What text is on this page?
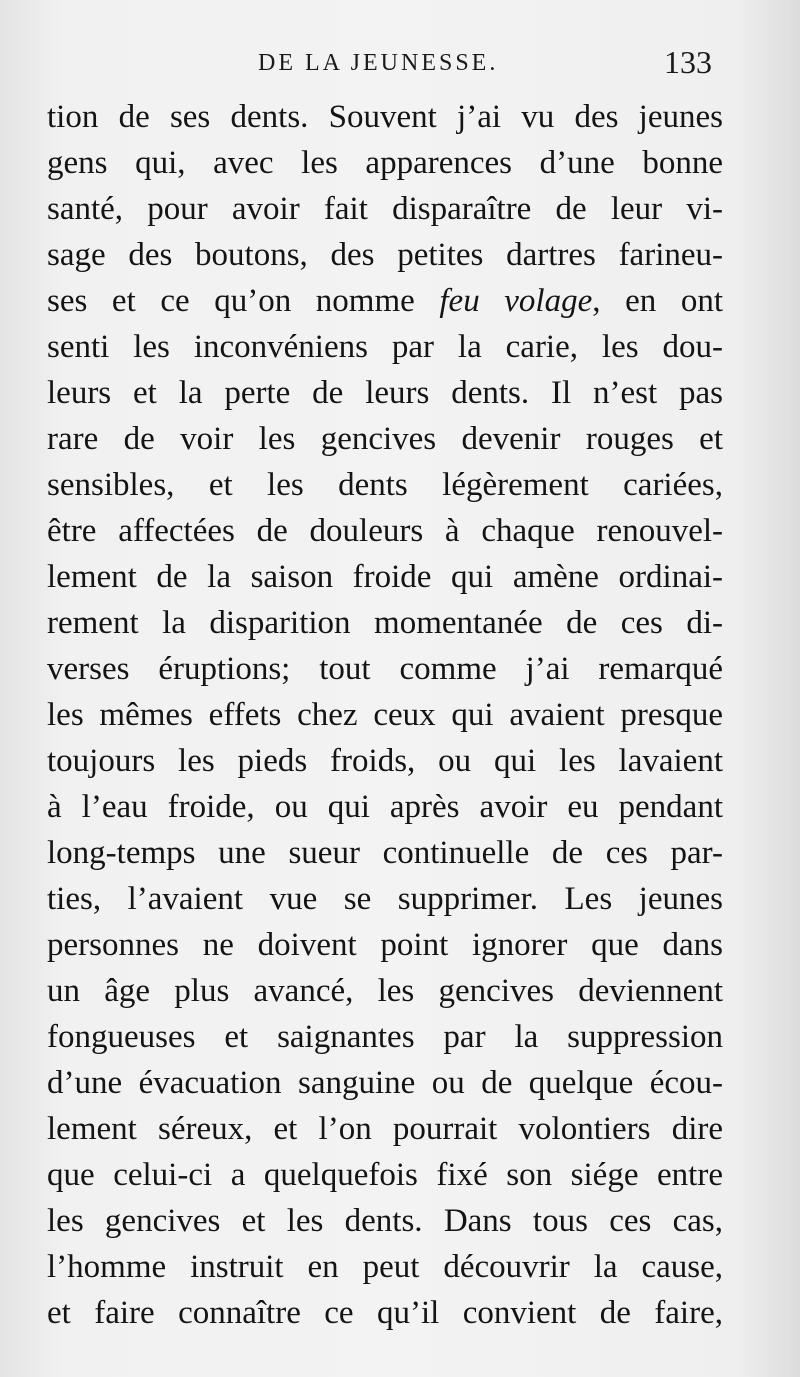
DE LA JEUNESSE.	133
tion de ses dents. Souvent j’ai vu des jeunes
gens qui, avec les apparences d’une bonne
santé, pour avoir fait disparaître de leur vi-
sage des boutons, des petites dartres farineu-
ses et ce qu’on nomme feu volage, en ont
senti les inconvéniens par la carie, les dou-
leurs et la perte de leurs dents. Il n’est pas
rare de voir les gencives devenir rouges et
sensibles, et les dents légèrement cariées,
être affectées de douleurs à chaque renouvel-
lement de la saison froide qui amène ordinai-
rement la disparition momentanée de ces di-
verses éruptions; tout comme j’ai remarqué
les mêmes effets chez ceux qui avaient presque
toujours les pieds froids, ou qui les lavaient
à l’eau froide, ou qui après avoir eu pendant
long-temps une sueur continuelle de ces par-
ties, l’avaient vue se supprimer. Les jeunes
personnes ne doivent point ignorer que dans
un âge plus avancé, les gencives deviennent
fongueuses et saignantes par la suppression
d’une évacuation sanguine ou de quelque écou-
lement séreux, et l’on pourrait volontiers dire
que celui-ci a quelquefois fixé son siége entre
les gencives et les dents. Dans tous ces cas,
l’homme instruit en peut découvrir la cause,
et faire connaître ce qu’il convient de faire,
